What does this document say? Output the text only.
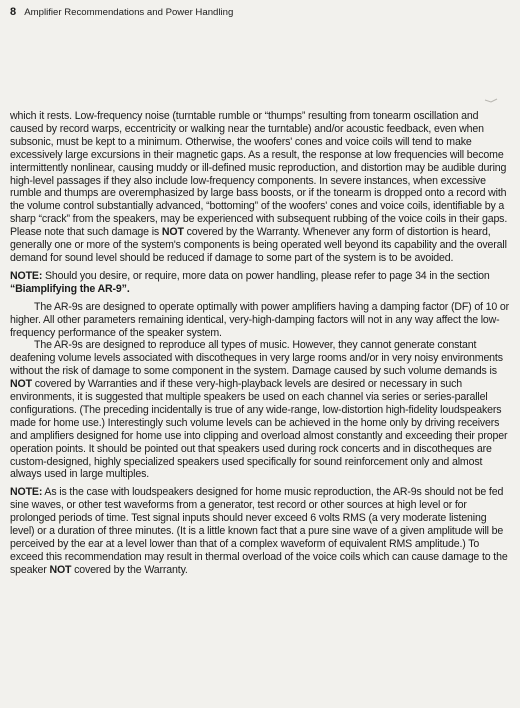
8 Amplifier Recommendations and Power Handling

which it rests. Low-frequency noise (turntable rumble or “thumps” resulting from tonearm oscillation and caused by record warps, eccentricity or walking near the turntable) and/or acoustic feedback, even when subsonic, must be kept to a minimum. Otherwise, the woofers' cones and voice coils will tend to make excessively large excursions in their magnetic gaps. As a result, the response at low frequencies will become intermittently nonlinear, causing muddy or ill-defined music reproduction, and distortion may be audible during high-level passages if they also include low-frequency components. In severe instances, when excessive rumble and thumps are overemphasized by large bass boosts, or if the tonearm is dropped onto a record with the volume control substantially advanced, “bottoming” of the woofers' cones and voice coils, identifiable by a sharp “crack” from the speakers, may be experienced with subsequent rubbing of the voice coils in their gaps. Please note that such damage is NOT covered by the Warranty. Whenever any form of distortion is heard, generally one or more of the system's components is being operated well beyond its capability and the overall demand for sound level should be reduced if damage to some part of the system is to be avoided.

NOTE: Should you desire, or require, more data on power handling, please refer to page 34 in the section “Biamplifying the AR-9”.

The AR-9s are designed to operate optimally with power amplifiers having a damping factor (DF) of 10 or higher. All other parameters remaining identical, very-high-damping factors will not in any way affect the low-frequency performance of the speaker system.

The AR-9s are designed to reproduce all types of music. However, they cannot generate constant deafening volume levels associated with discotheques in very large rooms and/or in very noisy environments without the risk of damage to some component in the system. Damage caused by such volume demands is NOT covered by Warranties and if these very-high-playback levels are desired or necessary in such environments, it is suggested that multiple speakers be used on each channel via series or series-parallel configurations. (The preceding incidentally is true of any wide-range, low-distortion high-fidelity loudspeakers made for home use.) Interestingly such volume levels can be achieved in the home only by driving receivers and amplifiers designed for home use into clipping and overload almost constantly and exceeding their proper operation points. It should be pointed out that speakers used during rock concerts and in discotheques are custom-designed, highly specialized speakers used specifically for sound reinforcement only and almost always used in large multiples.

NOTE: As is the case with loudspeakers designed for home music reproduction, the AR-9s should not be fed sine waves, or other test waveforms from a generator, test record or other sources at high level or for prolonged periods of time. Test signal inputs should never exceed 6 volts RMS (a very moderate listening level) or a duration of three minutes. (It is a little known fact that a pure sine wave of a given amplitude will be perceived by the ear at a level lower than that of a complex waveform of equivalent RMS amplitude.) To exceed this recommendation may result in thermal overload of the voice coils which can cause damage to the speaker NOT covered by the Warranty.
